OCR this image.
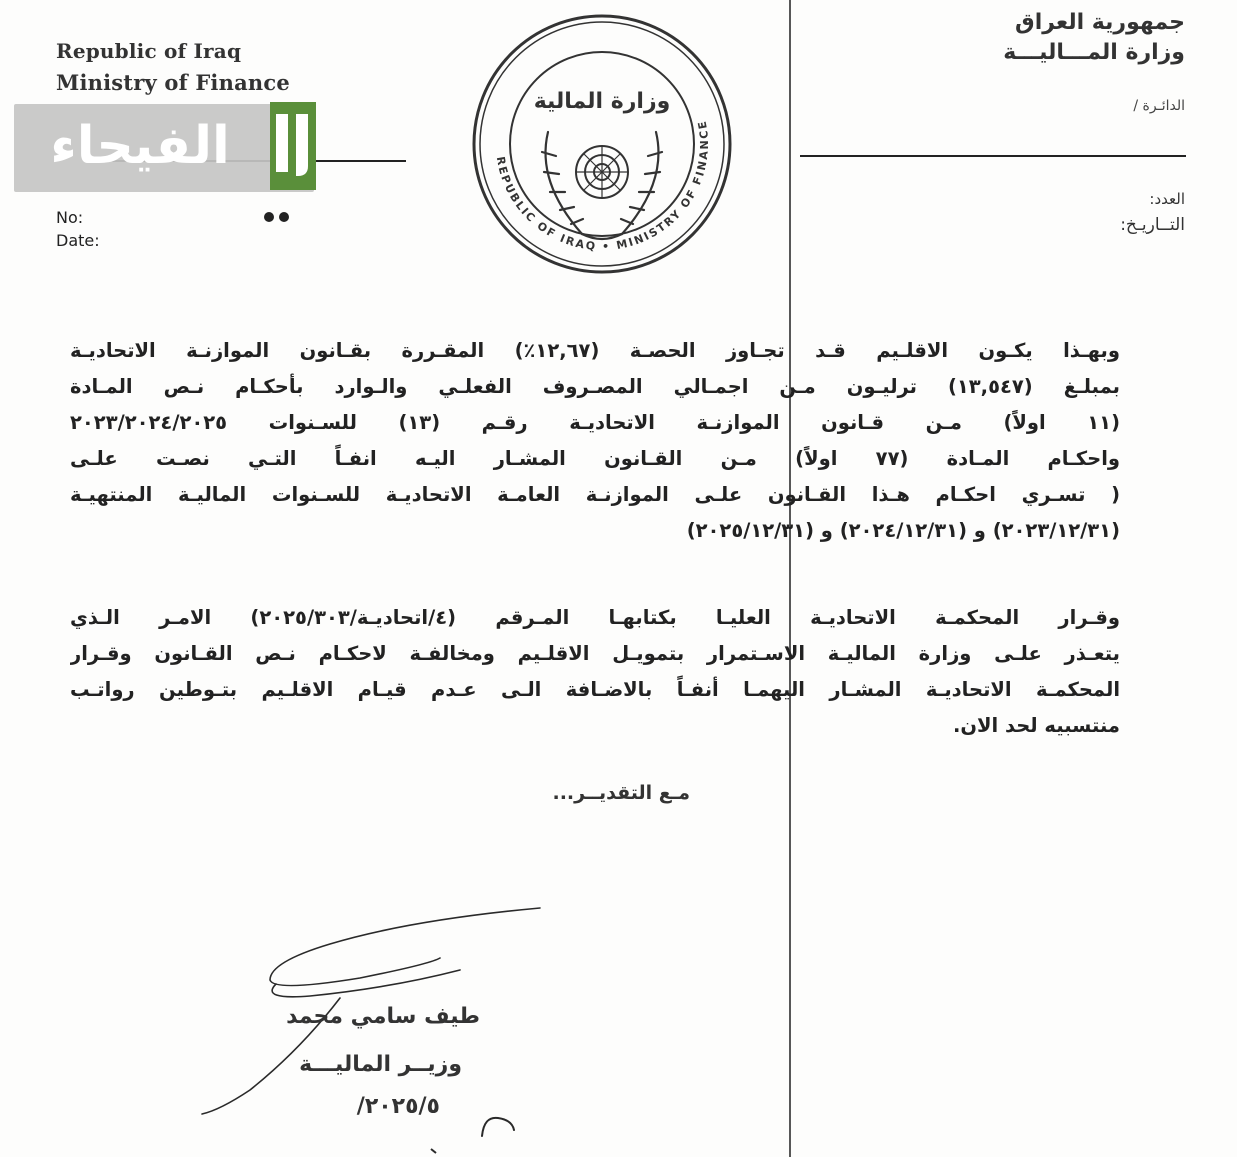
Republic of Iraq
Ministry of Finance
No:
Date:
جمهورية العراق
وزارة المـــاليـــة
الدائـرة /
العدد:
التــاريـخ:
REPUBLIC OF IRAQ • MINISTRY OF FINANCE
وزارة المالية
الفيحاء
وبهـذا يكـون الاقلـيم قـد تجـاوز الحصـة (١٢,٦٧٪) المقـررة بقـانون الموازنـة الاتحاديـة
بمبلـغ (١٣,٥٤٧) ترليـون مـن اجمـالي المصـروف الفعلـي والـوارد بأحكـام نـص المـادة
(١١ اولاً) مـن قـانون الموازنـة الاتحاديـة رقـم (١٣) للسـنوات ٢٠٢٣/٢٠٢٤/٢٠٢٥
واحكـام المـادة (٧٧ اولاً) مـن القـانون المشـار اليـه انفـاً التـي نصـت علـى
( تسـري احكـام هـذا القـانون علـى الموازنـة العامـة الاتحاديـة للسـنوات الماليـة المنتهيـة
(٢٠٢٣/١٢/٣١) و (٢٠٢٤/١٢/٣١) و (٢٠٢٥/١٢/٣١)
وقـرار المحكمـة الاتحاديـة العليـا بكتابهـا المـرقم (٤/اتحاديـة/٢٠٢٥/٣٠٣) الامـر الـذي
يتعـذر علـى وزارة الماليـة الاسـتمرار بتمويـل الاقلـيم ومخالفـة لاحكـام نـص القـانون وقـرار
المحكمـة الاتحاديـة المشـار اليهمـا أنفـاً بالاضـافة الـى عـدم قيـام الاقلـيم بتـوطين رواتـب
منتسبيه لحد الان.
مـع التقديــر...
طيف سامي محمد
وزيــر الماليـــة
٢٠٢٥/٥/
